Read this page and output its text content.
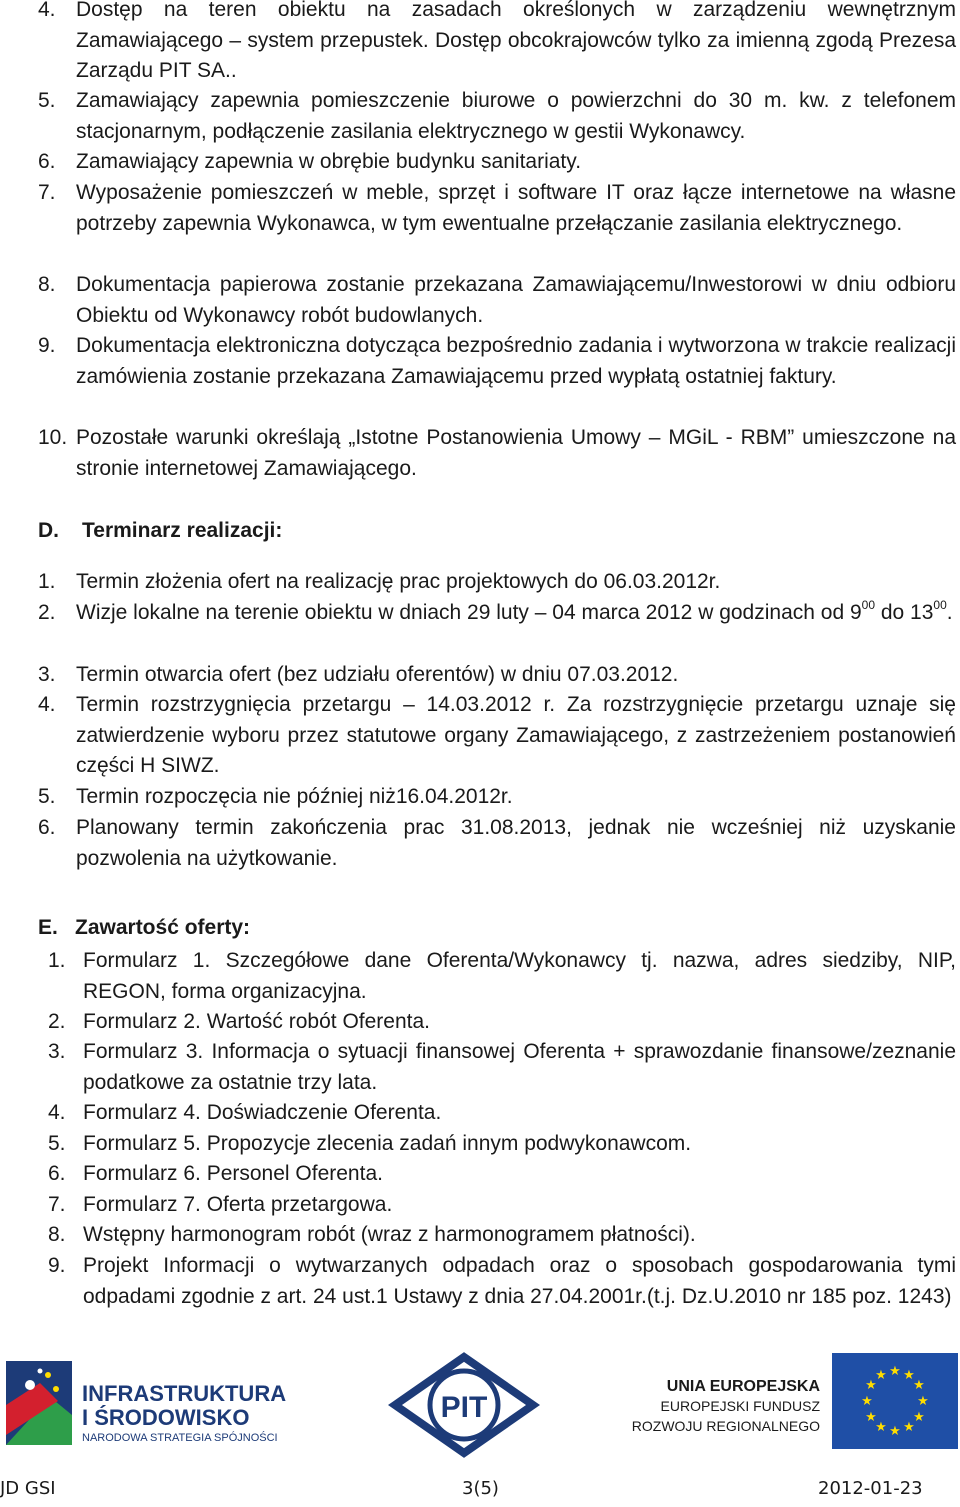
4. Dostęp na teren obiektu na zasadach określonych w zarządzeniu wewnętrznym Zamawiającego – system przepustek. Dostęp obcokrajowców tylko za imienną zgodą Prezesa Zarządu PIT SA..
5. Zamawiający zapewnia pomieszczenie biurowe o powierzchni do 30 m. kw. z telefonem stacjonarnym, podłączenie zasilania elektrycznego w gestii Wykonawcy.
6. Zamawiający zapewnia w obrębie budynku sanitariaty.
7. Wyposażenie pomieszczeń w meble, sprzęt i software IT oraz łącze internetowe na własne potrzeby zapewnia Wykonawca, w tym ewentualne przełączanie zasilania elektrycznego.
8. Dokumentacja papierowa zostanie przekazana Zamawiającemu/Inwestorowi w dniu odbioru Obiektu od Wykonawcy robót budowlanych.
9. Dokumentacja elektroniczna dotycząca bezpośrednio zadania i wytworzona w trakcie realizacji zamówienia zostanie przekazana Zamawiającemu przed wypłatą ostatniej faktury.
10. Pozostałe warunki określają „Istotne Postanowienia Umowy – MGiL - RBM” umieszczone na stronie internetowej Zamawiającego.
D. Terminarz realizacji:
1. Termin złożenia ofert na realizację prac projektowych do 06.03.2012r.
2. Wizje lokalne na terenie obiektu w dniach 29 luty – 04 marca 2012 w godzinach od $9^{00}$ do $13^{00}$.
3. Termin otwarcia ofert (bez udziału oferentów) w dniu 07.03.2012.
4. Termin rozstrzygnięcia przetargu – 14.03.2012 r. Za rozstrzygnięcie przetargu uznaje się zatwierdzenie wyboru przez statutowe organy Zamawiającego, z zastrzeżeniem postanowień części H SIWZ.
5. Termin rozpoczęcia nie później niż16.04.2012r.
6. Planowany termin zakończenia prac 31.08.2013, jednak nie wcześniej niż uzyskanie pozwolenia na użytkowanie.
E. Zawartość oferty:
1. Formularz 1. Szczegółowe dane Oferenta/Wykonawcy tj. nazwa, adres siedziby, NIP, REGON, forma organizacyjna.
2. Formularz 2. Wartość robót Oferenta.
3. Formularz 3. Informacja o sytuacji finansowej Oferenta + sprawozdanie finansowe/zeznanie podatkowe za ostatnie trzy lata.
4. Formularz 4. Doświadczenie Oferenta.
5. Formularz 5. Propozycje zlecenia zadań innym podwykonawcom.
6. Formularz 6. Personel Oferenta.
7. Formularz 7. Oferta przetargowa.
8. Wstępny harmonogram robót (wraz z harmonogramem płatności).
9. Projekt Informacji o wytwarzanych odpadach oraz o sposobach gospodarowania tymi odpadami zgodnie z art. 24 ust.1 Ustawy z dnia 27.04.2001r.(t.j. Dz.U.2010 nr 185 poz. 1243)
INFRASTRUKTURA
I ŚRODOWISKO
NARODOWA STRATEGIA SPÓJNOŚCI
PIT
UNIA EUROPEJSKA
EUROPEJSKI FUNDUSZ
ROZWOJU REGIONALNEGO
★ ★
★
★
★
★
★
★
★
★
★
★
JD GSI	3(5)	2012-01-23
